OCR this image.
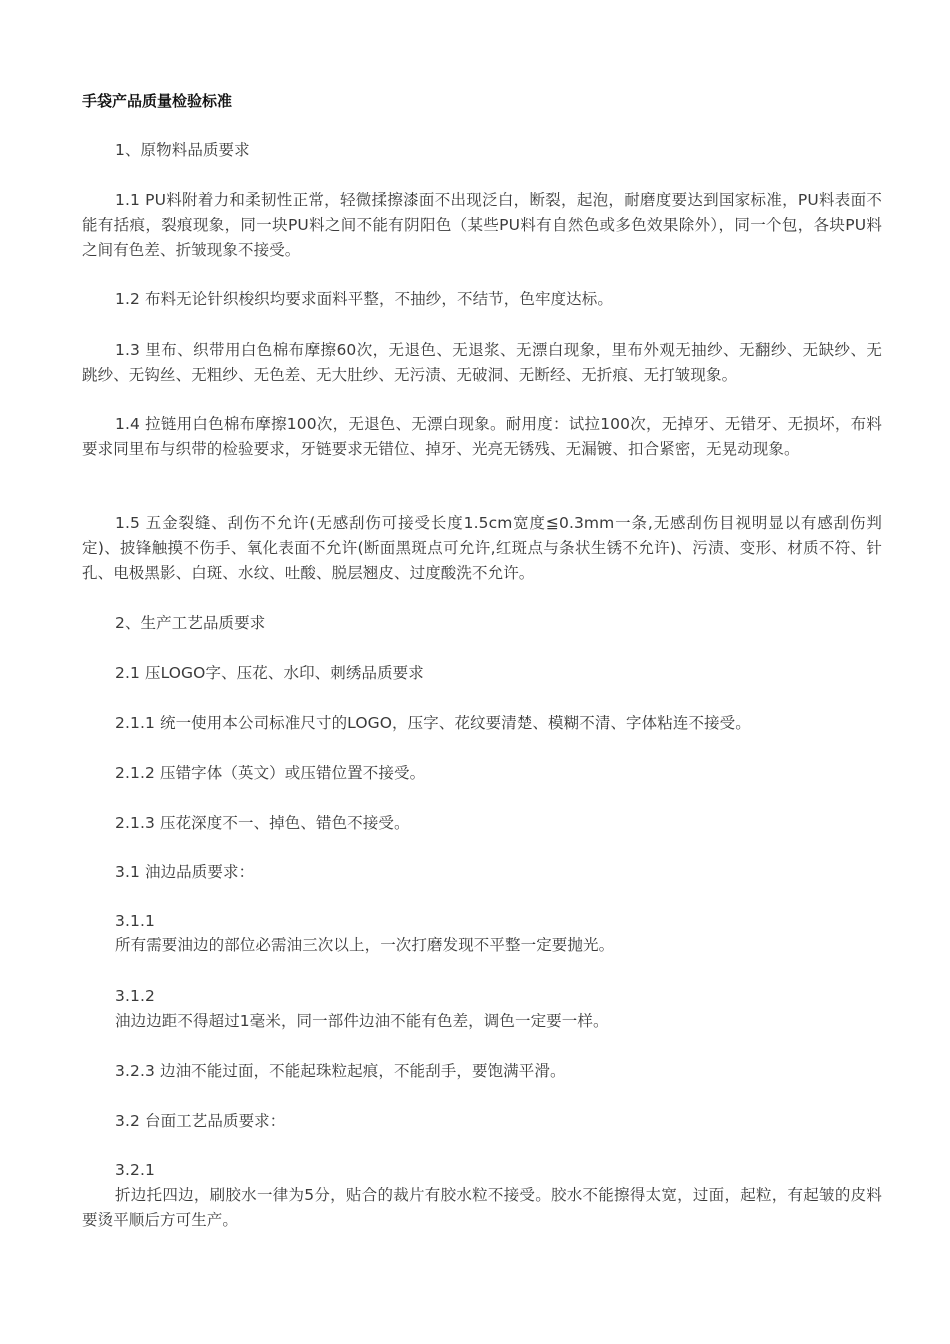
手袋产品质量检验标准

1、原物料品质要求

1.1 PU料附着力和柔韧性正常，轻微揉擦漆面不出现泛白，断裂，起泡，耐磨度要达到国家标准，PU料表面不能有括痕，裂痕现象，同一块PU料之间不能有阴阳色（某些PU料有自然色或多色效果除外），同一个包，各块PU料之间有色差、折皱现象不接受。

1.2 布料无论针织梭织均要求面料平整，不抽纱，不结节，色牢度达标。

1.3 里布、织带用白色棉布摩擦60次，无退色、无退浆、无漂白现象，里布外观无抽纱、无翻纱、无缺纱、无跳纱、无钩丝、无粗纱、无色差、无大肚纱、无污渍、无破洞、无断经、无折痕、无打皱现象。

1.4 拉链用白色棉布摩擦100次，无退色、无漂白现象。耐用度：试拉100次，无掉牙、无错牙、无损坏，布料要求同里布与织带的检验要求，牙链要求无错位、掉牙、光亮无锈残、无漏镀、扣合紧密，无晃动现象。

1.5 五金裂缝、刮伤不允许(无感刮伤可接受长度1.5cm宽度≦0.3mm一条,无感刮伤目视明显以有感刮伤判定)、披锋触摸不伤手、氧化表面不允许(断面黑斑点可允许,红斑点与条状生锈不允许)、污渍、变形、材质不符、针孔、电极黑影、白斑、水纹、吐酸、脱层翘皮、过度酸洗不允许。

2、生产工艺品质要求

2.1 压LOGO字、压花、水印、刺绣品质要求

2.1.1 统一使用本公司标准尺寸的LOGO，压字、花纹要清楚、模糊不清、字体粘连不接受。

2.1.2 压错字体（英文）或压错位置不接受。

2.1.3 压花深度不一、掉色、错色不接受。

3.1 油边品质要求：

3.1.1

所有需要油边的部位必需油三次以上，一次打磨发现不平整一定要抛光。

3.1.2

油边边距不得超过1毫米，同一部件边油不能有色差，调色一定要一样。

3.2.3 边油不能过面，不能起珠粒起痕，不能刮手，要饱满平滑。

3.2 台面工艺品质要求：

3.2.1

折边托四边，刷胶水一律为5分，贴合的裁片有胶水粒不接受。胶水不能擦得太宽，过面，起粒，有起皱的皮料要烫平顺后方可生产。
